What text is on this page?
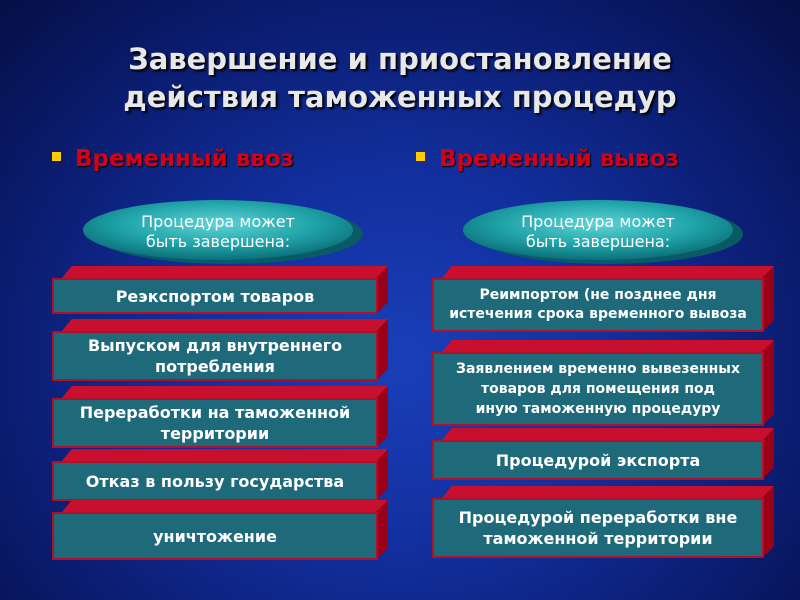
Завершение и приостановление
действия таможенных процедур
Временный ввоз	Временный вывоз
Процедура может
быть завершена:
Процедура может
быть завершена:
Реэкспортом товаров
Выпуском для внутреннего
потребления
Переработки на таможенной
территории
Отказ в пользу государства
уничтожение
Реимпортом (не позднее дня
истечения срока временного вывоза
Заявлением временно вывезенных
товаров для помещения под
иную таможенную процедуру
Процедурой экспорта
Процедурой переработки вне
таможенной территории
